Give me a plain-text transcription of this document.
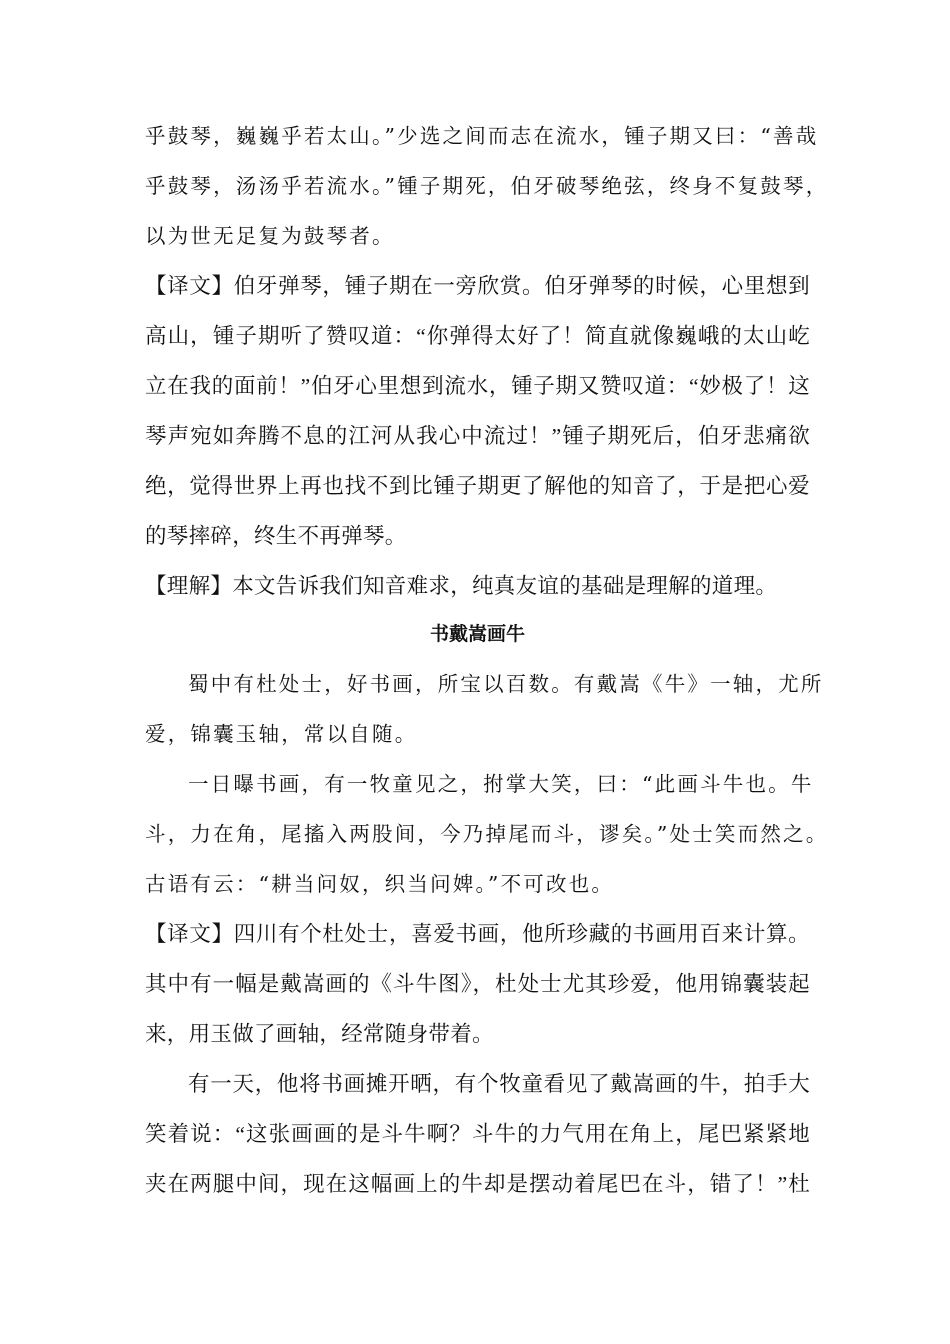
乎鼓琴，巍巍乎若太山。”少选之间而志在流水，锺子期又曰：“善哉
乎鼓琴，汤汤乎若流水。”锺子期死，伯牙破琴绝弦，终身不复鼓琴，
以为世无足复为鼓琴者。
【译文】伯牙弹琴，锺子期在一旁欣赏。伯牙弹琴的时候，心里想到
高山，锺子期听了赞叹道：“你弹得太好了！简直就像巍峨的太山屹
立在我的面前！”伯牙心里想到流水，锺子期又赞叹道：“妙极了！这
琴声宛如奔腾不息的江河从我心中流过！”锺子期死后，伯牙悲痛欲
绝，觉得世界上再也找不到比锺子期更了解他的知音了，于是把心爱
的琴摔碎，终生不再弹琴。
【理解】本文告诉我们知音难求，纯真友谊的基础是理解的道理。
书戴嵩画牛
蜀中有杜处士，好书画，所宝以百数。有戴嵩《牛》一轴，尤所
爱，锦囊玉轴，常以自随。
一日曝书画，有一牧童见之，拊掌大笑，曰：“此画斗牛也。牛
斗，力在角，尾搐入两股间，今乃掉尾而斗，谬矣。”处士笑而然之。
古语有云：“耕当问奴，织当问婢。”不可改也。
【译文】四川有个杜处士，喜爱书画，他所珍藏的书画用百来计算。
其中有一幅是戴嵩画的《斗牛图》，杜处士尤其珍爱，他用锦囊装起
来，用玉做了画轴，经常随身带着。
有一天，他将书画摊开晒，有个牧童看见了戴嵩画的牛，拍手大
笑着说：“这张画画的是斗牛啊？斗牛的力气用在角上，尾巴紧紧地
夹在两腿中间，现在这幅画上的牛却是摆动着尾巴在斗，错了！”杜
